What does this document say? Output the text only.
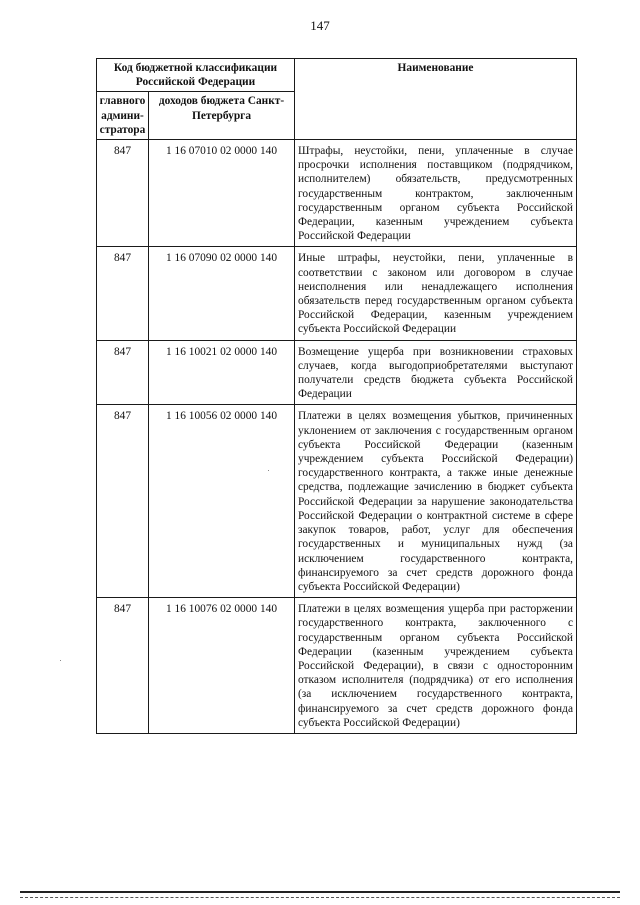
147
Код бюджетной классификации Российской Федерации		Наименование
главного админи-стратора	доходов бюджета Санкт-Петербурга	
847	1 16 07010 02 0000 140	Штрафы, неустойки, пени, уплаченные в случае просрочки исполнения поставщиком (подрядчиком, исполнителем) обязательств, предусмотренных государственным контрактом, заключенным государственным органом субъекта Российской Федерации, казенным учреждением субъекта Российской Федерации

847	1 16 07090 02 0000 140	Иные штрафы, неустойки, пени, уплаченные в соответствии с законом или договором в случае неисполнения или ненадлежащего исполнения обязательств перед государственным органом субъекта Российской Федерации, казенным учреждением субъекта Российской Федерации

847	1 16 10021 02 0000 140	Возмещение ущерба при возникновении страховых случаев, когда выгодоприобретателями выступают получатели средств бюджета субъекта Российской Федерации

847	1 16 10056 02 0000 140	Платежи в целях возмещения убытков, причиненных уклонением от заключения с государственным органом субъекта Российской Федерации (казенным учреждением субъекта Российской Федерации) государственного контракта, а также иные денежные средства, подлежащие зачислению в бюджет субъекта Российской Федерации за нарушение законодательства Российской Федерации о контрактной системе в сфере закупок товаров, работ, услуг для обеспечения государственных и муниципальных нужд (за исключением государственного контракта, финансируемого за счет средств дорожного фонда субъекта Российской Федерации)

847	1 16 10076 02 0000 140	Платежи в целях возмещения ущерба при расторжении государственного контракта, заключенного с государственным органом субъекта Российской Федерации (казенным учреждением субъекта Российской Федерации), в связи с односторонним отказом исполнителя (подрядчика) от его исполнения (за исключением государственного контракта, финансируемого за счет средств дорожного фонда субъекта Российской Федерации)
